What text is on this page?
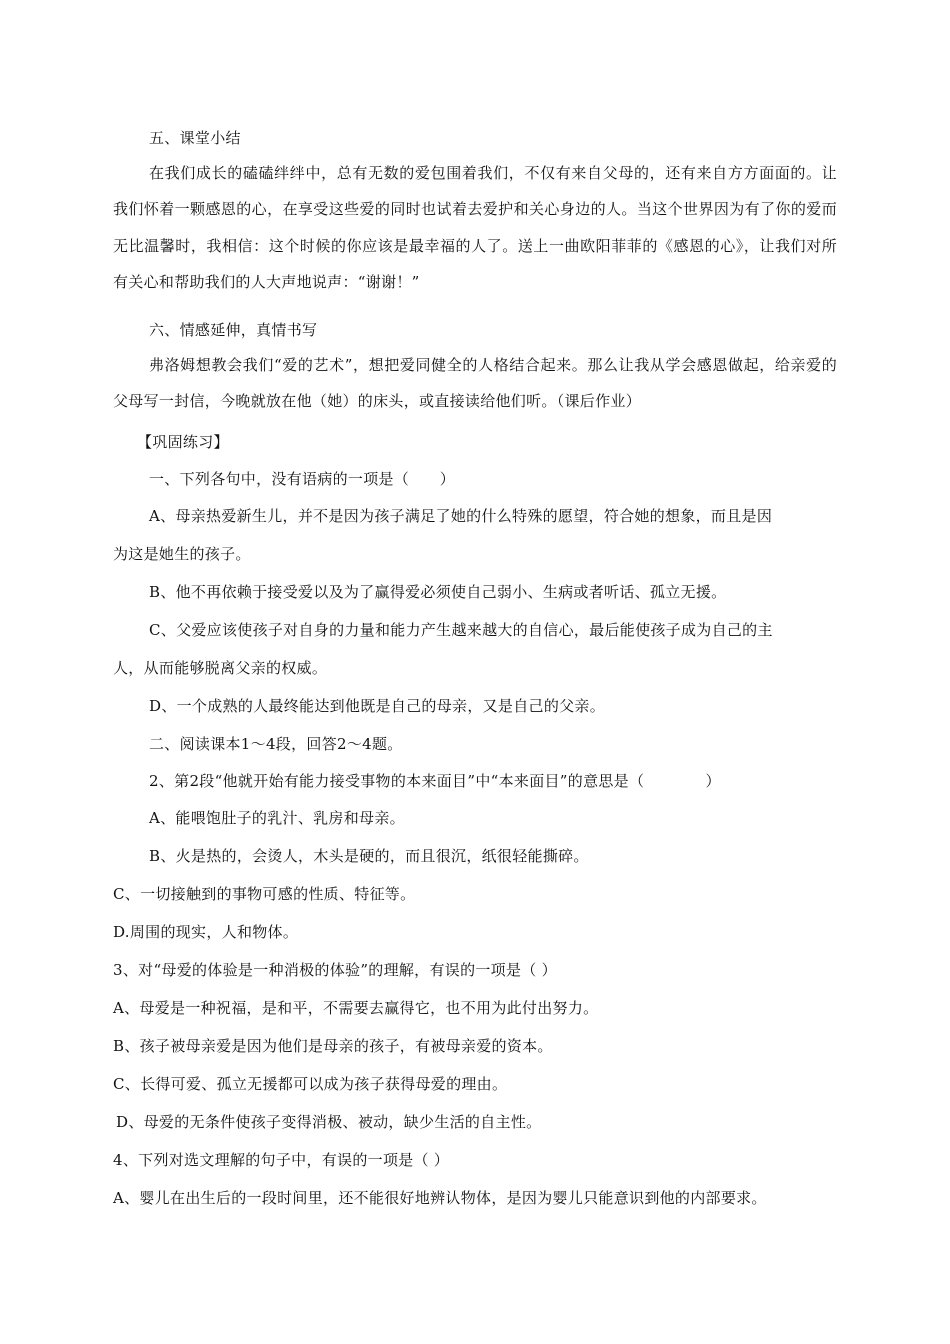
五、课堂小结

在我们成长的磕磕绊绊中，总有无数的爱包围着我们，不仅有来自父母的，还有来自方方面面的。让我们怀着一颗感恩的心，在享受这些爱的同时也试着去爱护和关心身边的人。当这个世界因为有了你的爱而无比温馨时，我相信：这个时候的你应该是最幸福的人了。送上一曲欧阳菲菲的《感恩的心》，让我们对所有关心和帮助我们的人大声地说声：“谢谢！”

六、情感延伸，真情书写

弗洛姆想教会我们“爱的艺术”，想把爱同健全的人格结合起来。那么让我从学会感恩做起，给亲爱的父母写一封信，今晚就放在他（她）的床头，或直接读给他们听。（课后作业）

【巩固练习】
一、下列各句中，没有语病的一项是（　　）
A、母亲热爱新生儿，并不是因为孩子满足了她的什么特殊的愿望，符合她的想象，而且是因
为这是她生的孩子。
B、他不再依赖于接受爱以及为了赢得爱必须使自己弱小、生病或者听话、孤立无援。
C、父爱应该使孩子对自身的力量和能力产生越来越大的自信心，最后能使孩子成为自己的主
人，从而能够脱离父亲的权威。
D、一个成熟的人最终能达到他既是自己的母亲，又是自己的父亲。
二、阅读课本1～4段，回答2～4题。
2、第2段“他就开始有能力接受事物的本来面目”中“本来面目”的意思是（　　　　）
A、能喂饱肚子的乳汁、乳房和母亲。
B、火是热的，会烫人，木头是硬的，而且很沉，纸很轻能撕碎。
C、一切接触到的事物可感的性质、特征等。
D.周围的现实，人和物体。
3、对“母爱的体验是一种消极的体验”的理解，有误的一项是（ ）
A、母爱是一种祝福，是和平，不需要去赢得它，也不用为此付出努力。
B、孩子被母亲爱是因为他们是母亲的孩子，有被母亲爱的资本。
C、长得可爱、孤立无援都可以成为孩子获得母爱的理由。
D、母爱的无条件使孩子变得消极、被动，缺少生活的自主性。
4、下列对选文理解的句子中，有误的一项是（ ）
A、婴儿在出生后的一段时间里，还不能很好地辨认物体，是因为婴儿只能意识到他的内部要求。
